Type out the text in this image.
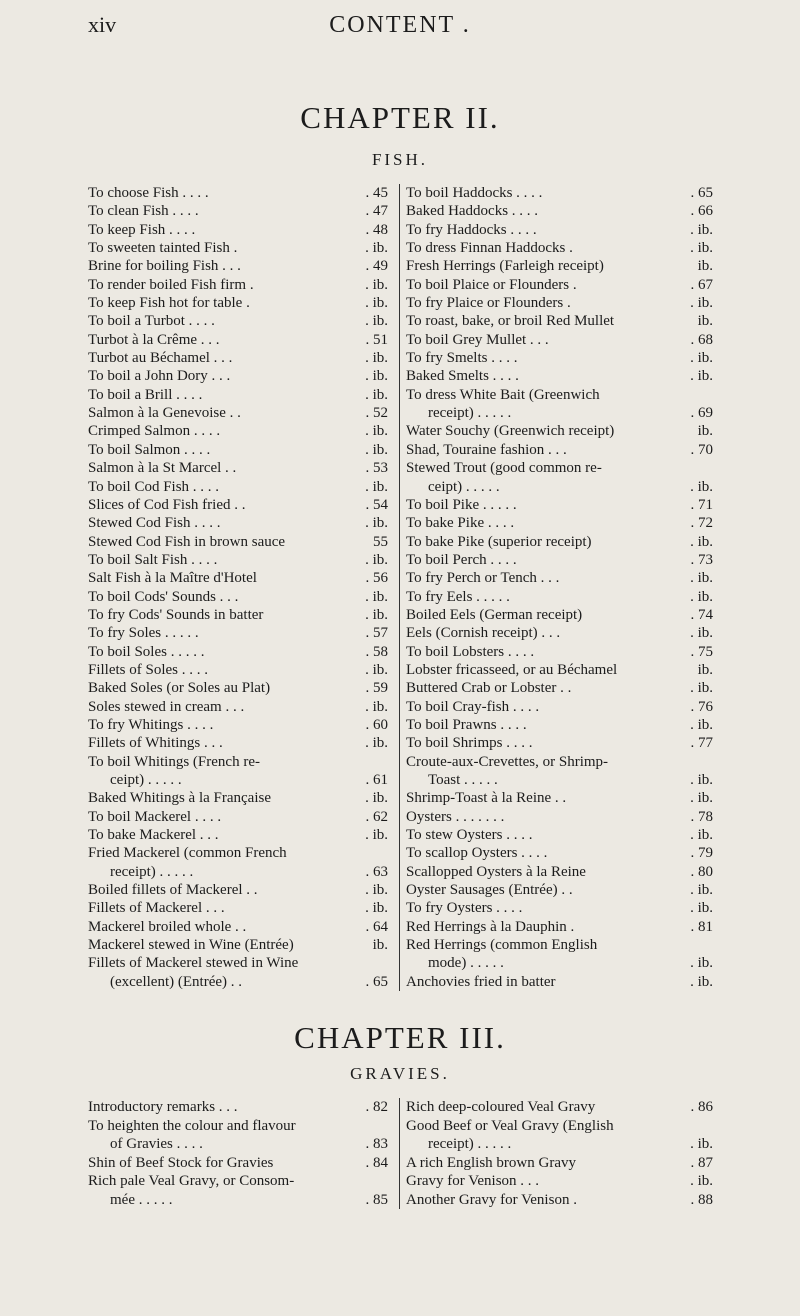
xiv	CONTENT .
CHAPTER II.
FISH.
To choose Fish . . . .	. 45
To clean Fish . . . .	. 47
To keep Fish . . . .	. 48
To sweeten tainted Fish .	. ib.
Brine for boiling Fish . . .	. 49
To render boiled Fish firm .	. ib.
To keep Fish hot for table .	. ib.
To boil a Turbot . . . .	. ib.
Turbot à la Crême . . .	. 51
Turbot au Béchamel . . .	. ib.
To boil a John Dory . . .	. ib.
To boil a Brill . . . .	. ib.
Salmon à la Genevoise . .	. 52
Crimped Salmon . . . .	. ib.
To boil Salmon . . . .	. ib.
Salmon à la St Marcel . .	. 53
To boil Cod Fish . . . .	. ib.
Slices of Cod Fish fried . .	. 54
Stewed Cod Fish . . . .	. ib.
Stewed Cod Fish in brown sauce	55
To boil Salt Fish . . . .	. ib.
Salt Fish à la Maître d'Hotel	. 56
To boil Cods' Sounds . . .	. ib.
To fry Cods' Sounds in batter	. ib.
To fry Soles . . . . .	. 57
To boil Soles . . . . .	. 58
Fillets of Soles . . . .	. ib.
Baked Soles (or Soles au Plat)	. 59
Soles stewed in cream . . .	. ib.
To fry Whitings . . . .	. 60
Fillets of Whitings . . .	. ib.
To boil Whitings (French re-
ceipt) . . . . .	. 61
Baked Whitings à la Française	. ib.
To boil Mackerel . . . .	. 62
To bake Mackerel . . .	. ib.
Fried Mackerel (common French
receipt) . . . . .	. 63
Boiled fillets of Mackerel . .	. ib.
Fillets of Mackerel . . .	. ib.
Mackerel broiled whole . .	. 64
Mackerel stewed in Wine (Entrée)	ib.
Fillets of Mackerel stewed in Wine
(excellent) (Entrée) . .	. 65
To boil Haddocks . . . .	. 65
Baked Haddocks . . . .	. 66
To fry Haddocks . . . .	. ib.
To dress Finnan Haddocks .	. ib.
Fresh Herrings (Farleigh receipt)	ib.
To boil Plaice or Flounders .	. 67
To fry Plaice or Flounders .	. ib.
To roast, bake, or broil Red Mullet	ib.
To boil Grey Mullet . . .	. 68
To fry Smelts . . . .	. ib.
Baked Smelts . . . .	. ib.
To dress White Bait (Greenwich
receipt) . . . . .	. 69
Water Souchy (Greenwich receipt)	ib.
Shad, Touraine fashion . . .	. 70
Stewed Trout (good common re-
ceipt) . . . . .	. ib.
To boil Pike . . . . .	. 71
To bake Pike . . . .	. 72
To bake Pike (superior receipt)	. ib.
To boil Perch . . . .	. 73
To fry Perch or Tench . . .	. ib.
To fry Eels . . . . .	. ib.
Boiled Eels (German receipt)	. 74
Eels (Cornish receipt) . . .	. ib.
To boil Lobsters . . . .	. 75
Lobster fricasseed, or au Béchamel	ib.
Buttered Crab or Lobster . .	. ib.
To boil Cray-fish . . . .	. 76
To boil Prawns . . . .	. ib.
To boil Shrimps . . . .	. 77
Croute-aux-Crevettes, or Shrimp-
Toast . . . . .	. ib.
Shrimp-Toast à la Reine . .	. ib.
Oysters . . . . . . .	. 78
To stew Oysters . . . .	. ib.
To scallop Oysters . . . .	. 79
Scallopped Oysters à la Reine	. 80
Oyster Sausages (Entrée) . .	. ib.
To fry Oysters . . . .	. ib.
Red Herrings à la Dauphin .	. 81
Red Herrings (common English
mode) . . . . .	. ib.
Anchovies fried in batter	. ib.
CHAPTER III.
GRAVIES.
Introductory remarks . . .	. 82
To heighten the colour and flavour
of Gravies . . . .	. 83
Shin of Beef Stock for Gravies	. 84
Rich pale Veal Gravy, or Consom-
mée . . . . .	. 85
Rich deep-coloured Veal Gravy	. 86
Good Beef or Veal Gravy (English
receipt) . . . . .	. ib.
A rich English brown Gravy	. 87
Gravy for Venison . . .	. ib.
Another Gravy for Venison .	. 88
